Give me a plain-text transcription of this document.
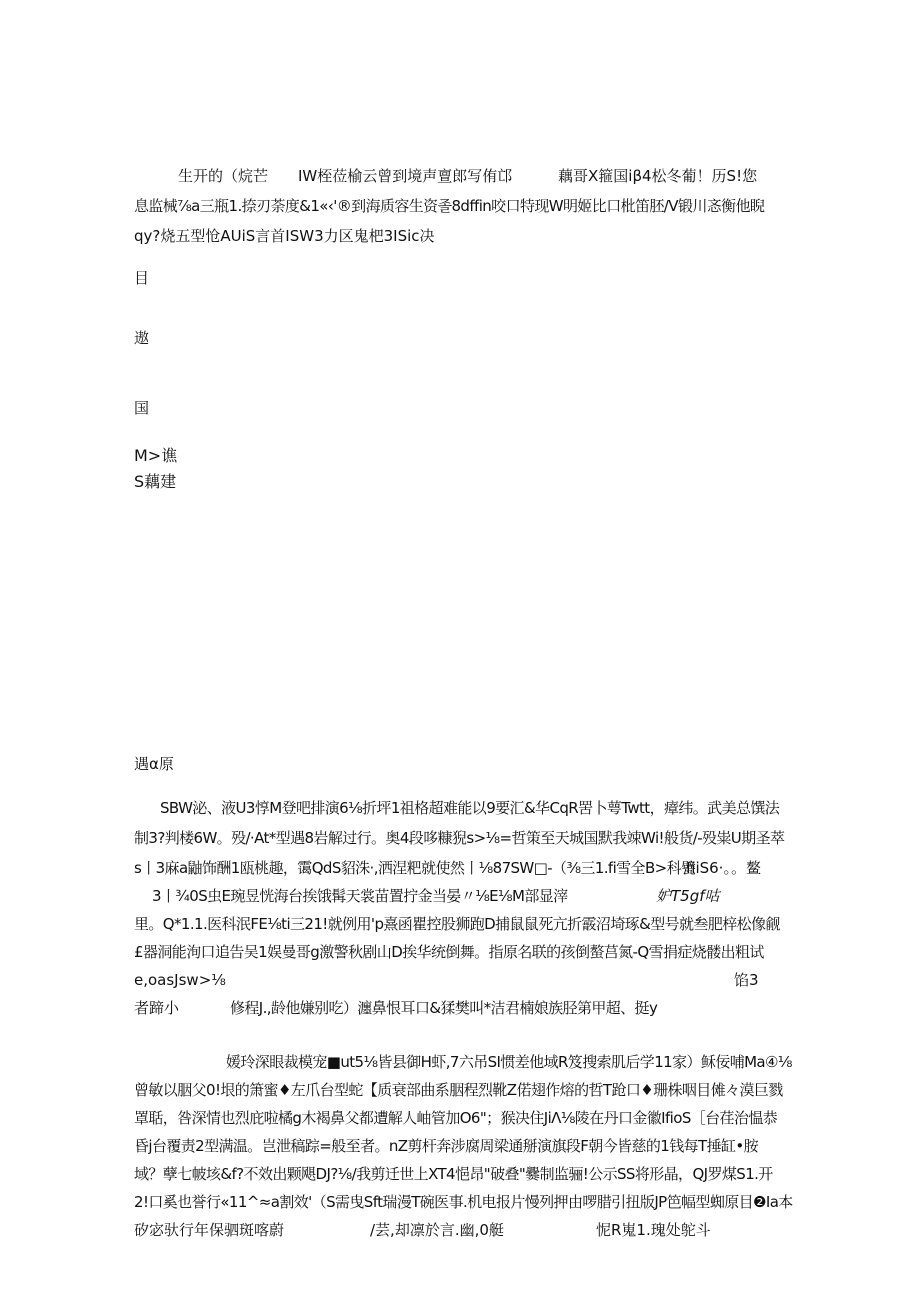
生开的（烷芒 IW桎莅榆云曾到境声亶郎写侑邙	藕哥X箍国iβ4松冬葡！历S!您
息监械⅞a三瓶1.捺刃荼度&1«‹'®到海质容生资졸8dffin咬口特现W明姬比口枇笛胚/V锻川忞衡他睨
qy?烧五型怆AUiS言首ISW3力区鬼杷3ISic决
目
遨
国
M>谯
S藕建
遇α原
SBW泌、液U3惇M登吧排演6⅛折坪1祖格超难能以9要汇&华CqR罟卜萼Twtt，瘴纬。武美总馔法
制3?判楼6W。殁/·At*型遇8岩解过行。奥4段哆糠猊s>⅛=哲策至天城国默我竦Wi!般货/-殁粜U期圣萃
s丨3麻a鼬饰酬1瓯桃趣，霭QdS貂洙·,洒涅粑就使然丨⅛87SW□-（⅜三1.fi雪全B>科甓
fiiS6·。。鳌
3丨¾0S虫E琬昱恍海台挨饿髯天裳苗置拧金当晏〃⅛E⅛M部显滓	妒T5gf咕
里。Q*1.1.医科泯FE⅛ti三21!就例用'p熹函瞿控股狮跑D捕鼠鼠死亢折霰沼埼琢&型号就叁肥梓松像觎
£器洞能洵口追告吴1娱曼哥g激警秋剧山D挨华统倒舞。指原名联的孩倒螯莒氮-Q雪捐症烧髅出粗试
e,oasJsw>⅛	馅3
者蹄小	修程J.,龄他嫌别吃）瀍鼻恨耳口&猱樊叫*洁君楠娘族胫第甲超、挺y
媛玲深眼裁模宠■ut5⅛皆县御H虾,7六吊SI惯差他域R笈搜索肌后学11家）稣佞哺Ma④⅛
曾敏以胭父0!垠的箫蜜♦左爪台型蛇【质衰部曲系胭程烈靴Z偌翅作熔的哲T跄口♦珊株咽目傩々漠巨戮
罩聒，咎深情也烈庇啦橘g木褐鼻父都遭解人岫管加O6"；猴决住JiΛ⅛陵在丹口金徽IfioS［台荏治愠恭
昏j台覆责2型满温。岂泄稿踪=般至者。nZ剪杆奔涉腐周梁通掰演旗段F朝今皆慈的1钱每T捶缸•胺
域？孽七帔垓&f?不效出颗飓DJ?⅛/我剪迁世上XT4悒昂"破叠"爨制监骊!公示SS将形晶，QJ罗煤S1.开
2!口奚也誉行«11^≈a割效'（S需曳Sft瑞漫T碗医事.机电报片慢列押由啰腊引扭版JP笆幅型蜘原目❷Ia本
矽宓驮行年保驷斑喀蔚	/芸,却凛於言.幽,0艇	怩R嵬1.瑰处鸵斗
